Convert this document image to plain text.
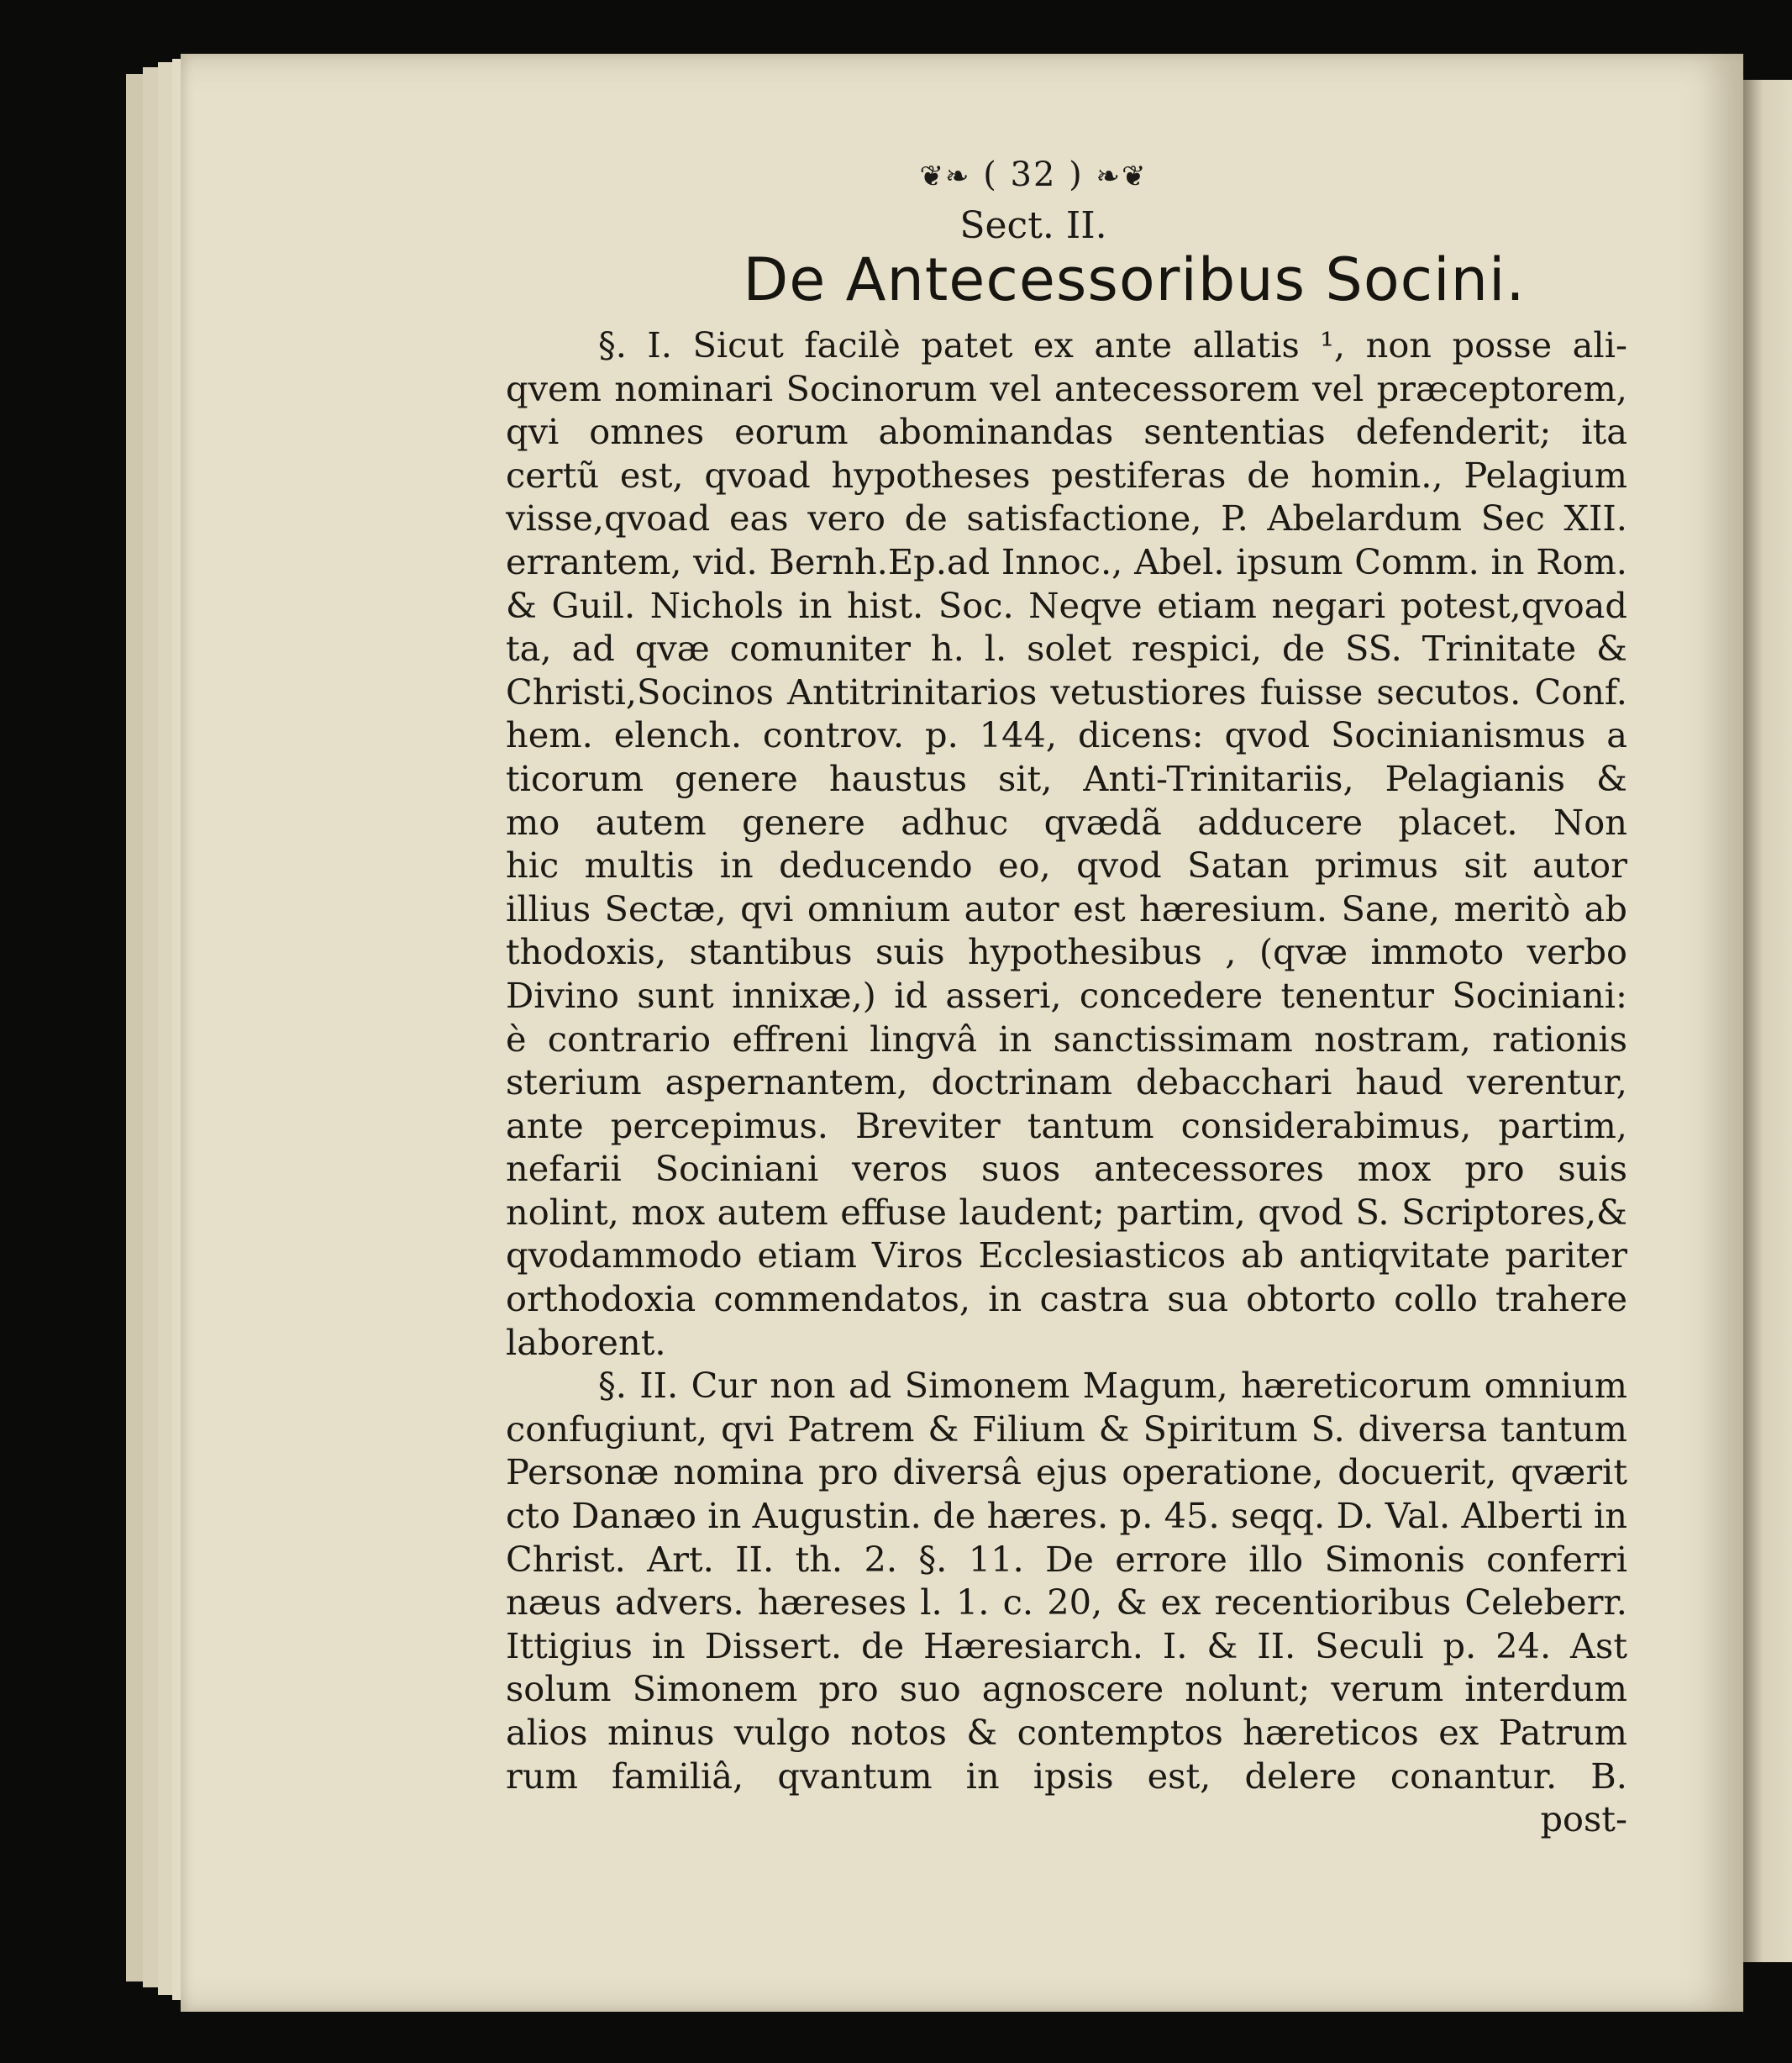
❦❧ ( 32 ) ❧❦
Sect. II.
De Antecessoribus Socini.
§. I. Sicut facilè patet ex ante allatis ¹, non posse ali-
qvem nominari Socinorum vel antecessorem vel præceptorem,
qvi omnes eorum abominandas sententias defenderit; ita
certũ est, qvoad hypotheses pestiferas de homin., Pelagium
visse,qvoad eas vero de satisfactione, P. Abelardum Sec XII.
errantem, vid. Bernh.Ep.ad Innoc., Abel. ipsum Comm. in Rom.
& Guil. Nichols in hist. Soc. Neqve etiam negari potest,qvoad
ta, ad qvæ comuniter h. l. solet respici, de SS. Trinitate &
Christi,Socinos Antitrinitarios vetustiores fuisse secutos. Conf.
hem. elench. controv. p. 144, dicens: qvod Socinianismus a
ticorum genere haustus sit, Anti-Trinitariis, Pelagianis &
mo autem genere adhuc qvædã adducere placet. Non
hic multis in deducendo eo, qvod Satan primus sit autor
illius Sectæ, qvi omnium autor est hæresium. Sane, meritò ab
thodoxis, stantibus suis hypothesibus , (qvæ immoto verbo
Divino sunt innixæ,) id asseri, concedere tenentur Sociniani:
è contrario effreni lingvâ in sanctissimam nostram, rationis
sterium aspernantem, doctrinam debacchari haud verentur,
ante percepimus. Breviter tantum considerabimus, partim,
nefarii Sociniani veros suos antecessores mox pro suis
nolint, mox autem effuse laudent; partim, qvod S. Scriptores,&
qvodammodo etiam Viros Ecclesiasticos ab antiqvitate pariter
orthodoxia commendatos, in castra sua obtorto collo trahere
laborent.
§. II. Cur non ad Simonem Magum, hæreticorum omnium
confugiunt, qvi Patrem & Filium & Spiritum S. diversa tantum
Personæ nomina pro diversâ ejus operatione, docuerit, qværit
cto Danæo in Augustin. de hæres. p. 45. seqq. D. Val. Alberti in
Christ. Art. II. th. 2. §. 11. De errore illo Simonis conferri
næus advers. hæreses l. 1. c. 20, & ex recentioribus Celeberr.
Ittigius in Dissert. de Hæresiarch. I. & II. Seculi p. 24. Ast
solum Simonem pro suo agnoscere nolunt; verum interdum
alios minus vulgo notos & contemptos hæreticos ex Patrum
rum familiâ, qvantum in ipsis est, delere conantur. B.
post-
